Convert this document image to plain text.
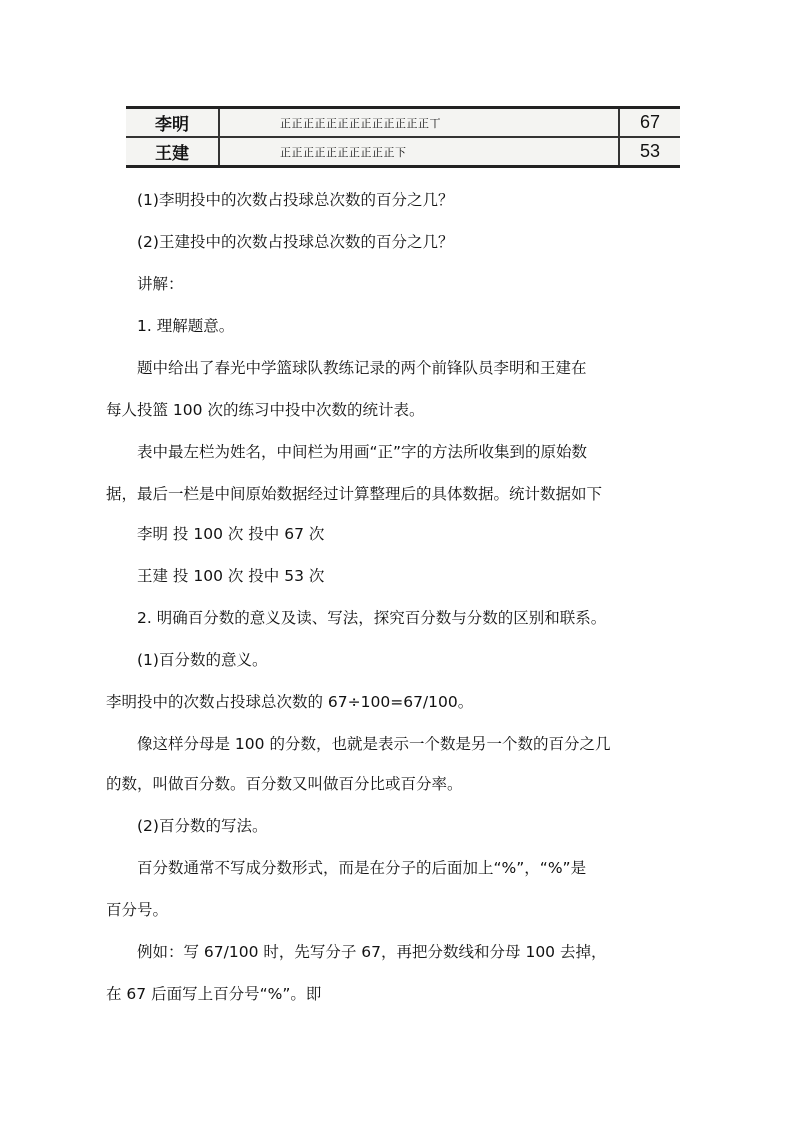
李明	正正正正正正正正正正正正正丅	67
王建	正正正正正正正正正正下	53

(1)李明投中的次数占投球总次数的百分之几？

(2)王建投中的次数占投球总次数的百分之几？

讲解：

1. 理解题意。

题中给出了春光中学篮球队教练记录的两个前锋队员李明和王建在

每人投篮 100 次的练习中投中次数的统计表。

表中最左栏为姓名，中间栏为用画“正”字的方法所收集到的原始数

据，最后一栏是中间原始数据经过计算整理后的具体数据。统计数据如下

李明 投 100 次 投中 67 次

王建 投 100 次 投中 53 次

2. 明确百分数的意义及读、写法，探究百分数与分数的区别和联系。

(1)百分数的意义。

李明投中的次数占投球总次数的 67÷100=67/100。

像这样分母是 100 的分数，也就是表示一个数是另一个数的百分之几

的数，叫做百分数。百分数又叫做百分比或百分率。

(2)百分数的写法。

百分数通常不写成分数形式，而是在分子的后面加上“%”，“%”是

百分号。

例如：写 67/100 时，先写分子 67，再把分数线和分母 100 去掉，

在 67 后面写上百分号“%”。即
